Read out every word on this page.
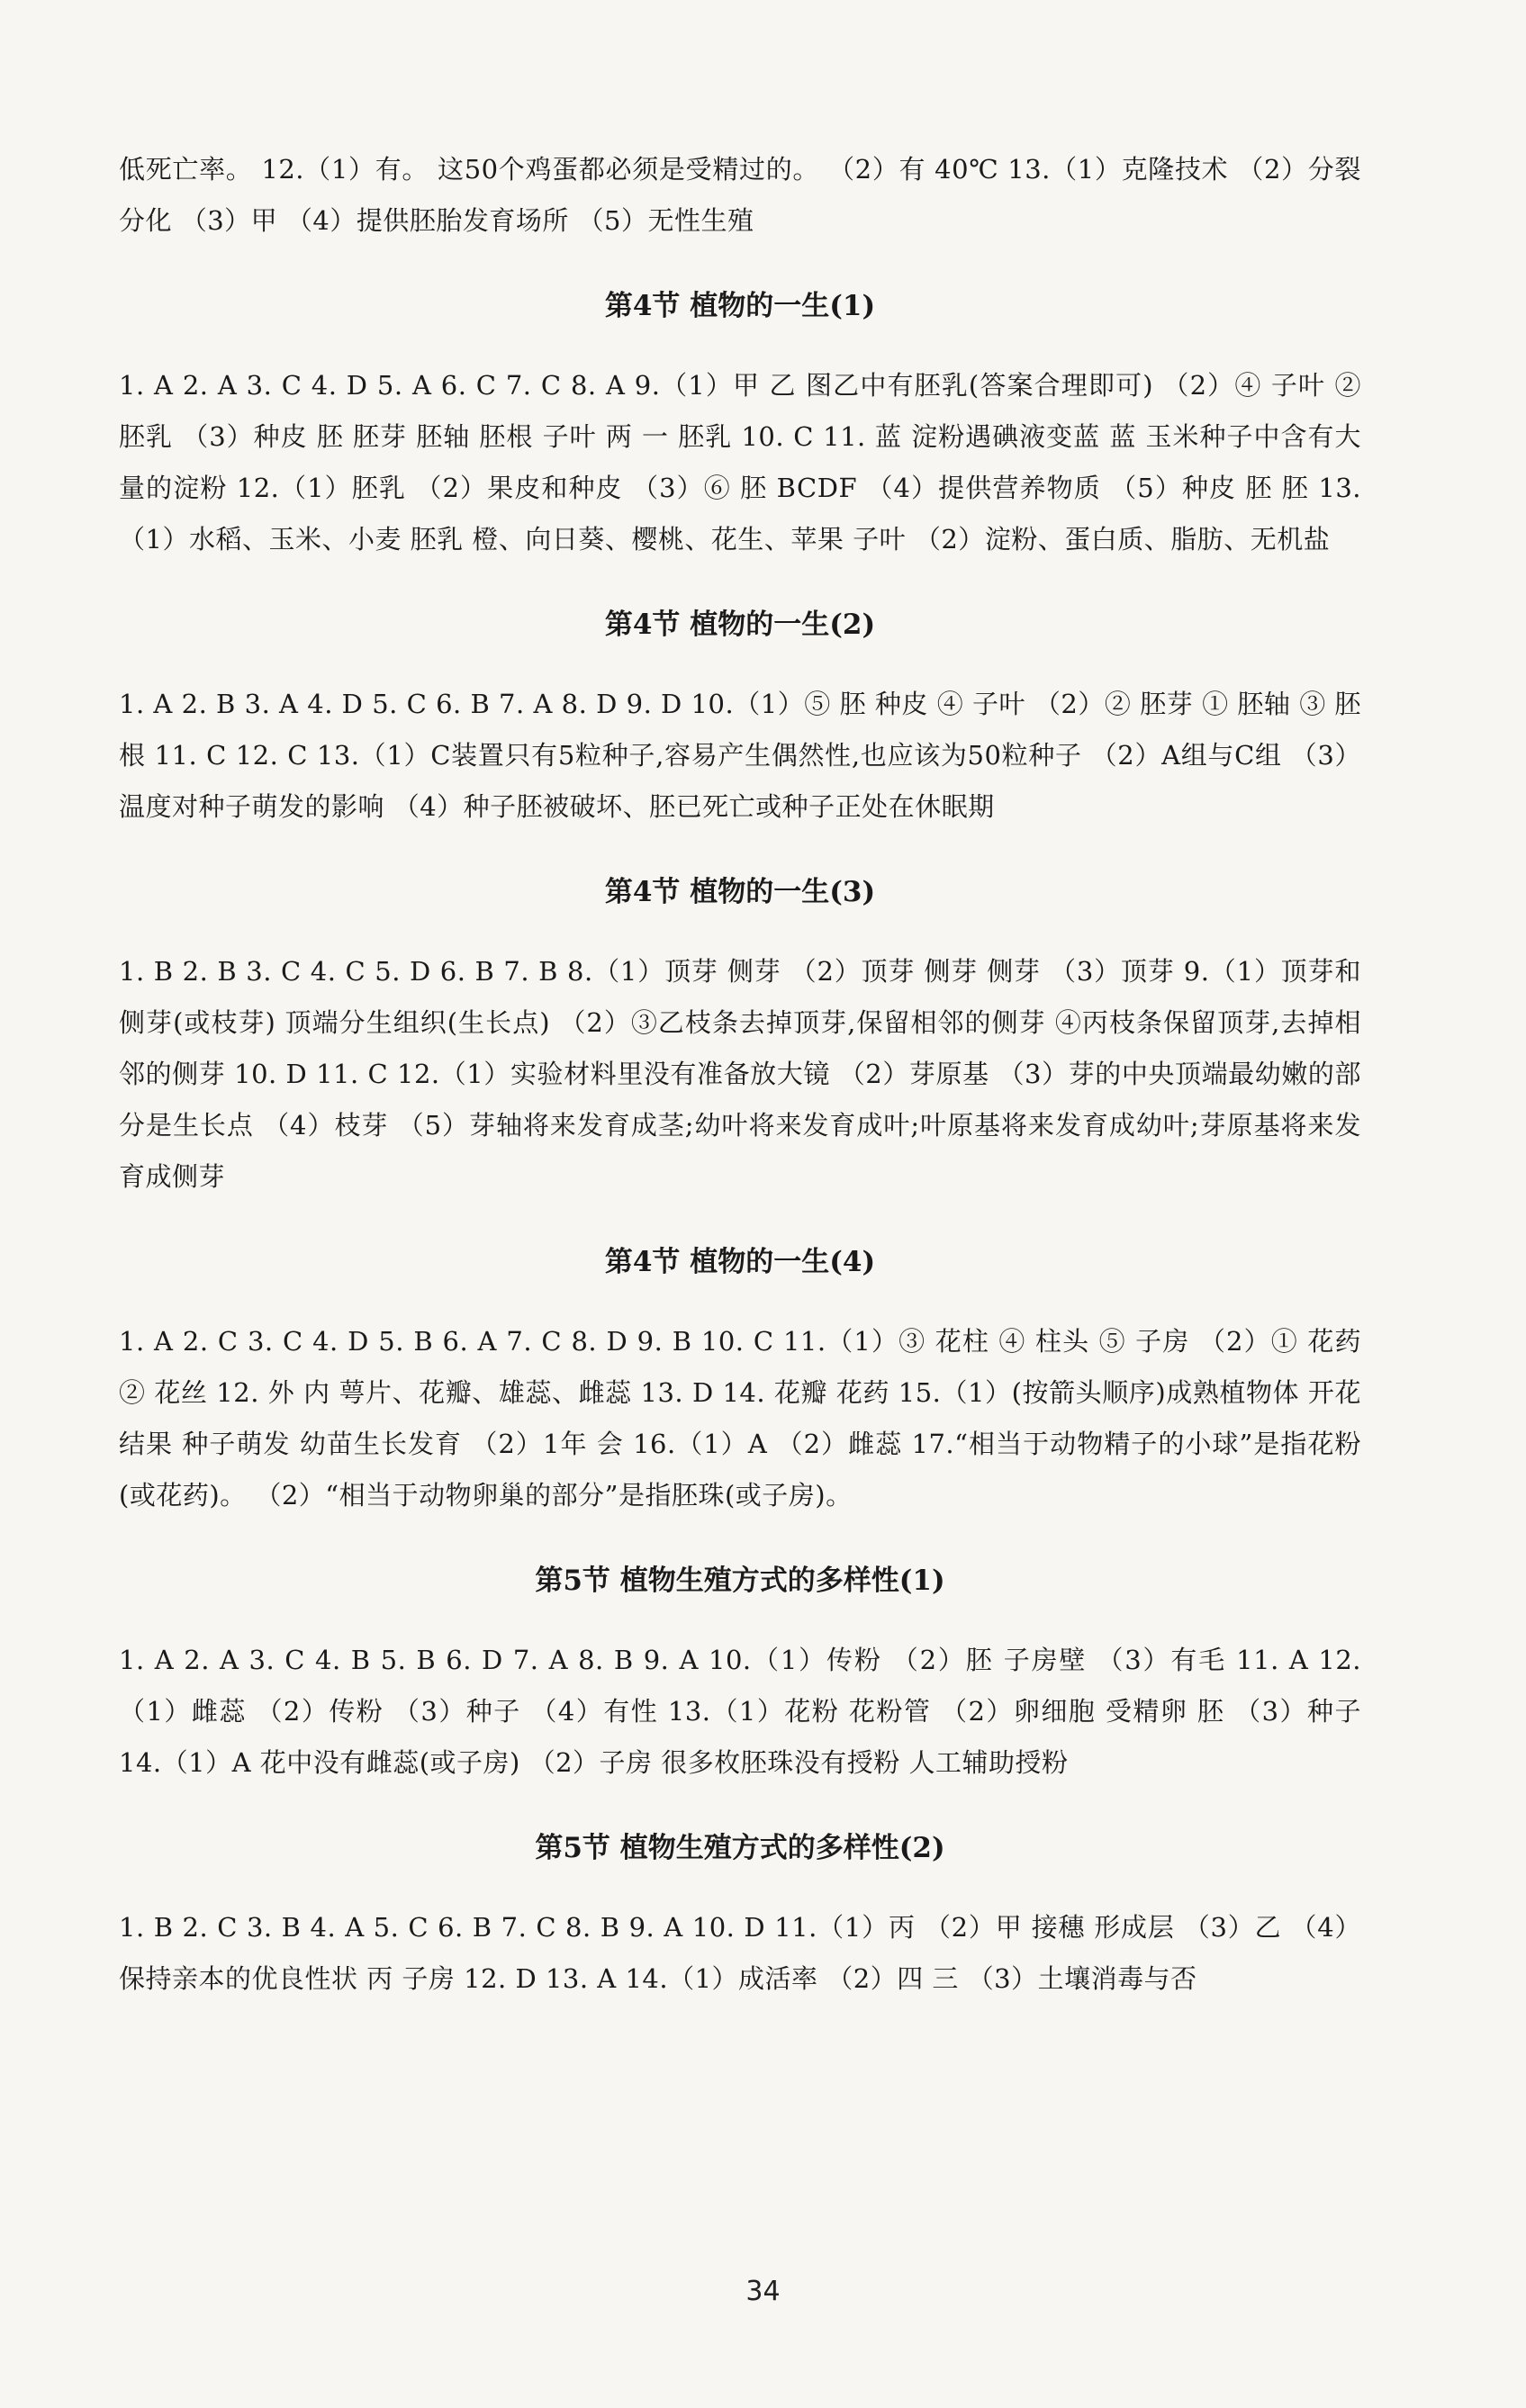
低死亡率。 12.（1）有。 这50个鸡蛋都必须是受精过的。 （2）有 40℃ 13.（1）克隆技术 （2）分裂 分化 （3）甲 （4）提供胚胎发育场所 （5）无性生殖

第4节 植物的一生(1)

1. A 2. A 3. C 4. D 5. A 6. C 7. C 8. A 9.（1）甲 乙 图乙中有胚乳(答案合理即可) （2）④ 子叶 ② 胚乳 （3）种皮 胚 胚芽 胚轴 胚根 子叶 两 一 胚乳 10. C 11. 蓝 淀粉遇碘液变蓝 蓝 玉米种子中含有大量的淀粉 12.（1）胚乳 （2）果皮和种皮 （3）⑥ 胚 BCDF （4）提供营养物质 （5）种皮 胚 胚 13.（1）水稻、玉米、小麦 胚乳 橙、向日葵、樱桃、花生、苹果 子叶 （2）淀粉、蛋白质、脂肪、无机盐

第4节 植物的一生(2)

1. A 2. B 3. A 4. D 5. C 6. B 7. A 8. D 9. D 10.（1）⑤ 胚 种皮 ④ 子叶 （2）② 胚芽 ① 胚轴 ③ 胚根 11. C 12. C 13.（1）C装置只有5粒种子,容易产生偶然性,也应该为50粒种子 （2）A组与C组 （3）温度对种子萌发的影响 （4）种子胚被破坏、胚已死亡或种子正处在休眠期

第4节 植物的一生(3)

1. B 2. B 3. C 4. C 5. D 6. B 7. B 8.（1）顶芽 侧芽 （2）顶芽 侧芽 侧芽 （3）顶芽 9.（1）顶芽和侧芽(或枝芽) 顶端分生组织(生长点) （2）③乙枝条去掉顶芽,保留相邻的侧芽 ④丙枝条保留顶芽,去掉相邻的侧芽 10. D 11. C 12.（1）实验材料里没有准备放大镜 （2）芽原基 （3）芽的中央顶端最幼嫩的部分是生长点 （4）枝芽 （5）芽轴将来发育成茎;幼叶将来发育成叶;叶原基将来发育成幼叶;芽原基将来发育成侧芽

第4节 植物的一生(4)

1. A 2. C 3. C 4. D 5. B 6. A 7. C 8. D 9. B 10. C 11.（1）③ 花柱 ④ 柱头 ⑤ 子房 （2）① 花药 ② 花丝 12. 外 内 萼片、花瓣、雄蕊、雌蕊 13. D 14. 花瓣 花药 15.（1）(按箭头顺序)成熟植物体 开花结果 种子萌发 幼苗生长发育 （2）1年 会 16.（1）A （2）雌蕊 17.“相当于动物精子的小球”是指花粉(或花药)。 （2）“相当于动物卵巢的部分”是指胚珠(或子房)。

第5节 植物生殖方式的多样性(1)

1. A 2. A 3. C 4. B 5. B 6. D 7. A 8. B 9. A 10.（1）传粉 （2）胚 子房壁 （3）有毛 11. A 12.（1）雌蕊 （2）传粉 （3）种子 （4）有性 13.（1）花粉 花粉管 （2）卵细胞 受精卵 胚 （3）种子 14.（1）A 花中没有雌蕊(或子房) （2）子房 很多枚胚珠没有授粉 人工辅助授粉

第5节 植物生殖方式的多样性(2)

1. B 2. C 3. B 4. A 5. C 6. B 7. C 8. B 9. A 10. D 11.（1）丙 （2）甲 接穗 形成层 （3）乙 （4）保持亲本的优良性状 丙 子房 12. D 13. A 14.（1）成活率 （2）四 三 （3）土壤消毒与否

34
